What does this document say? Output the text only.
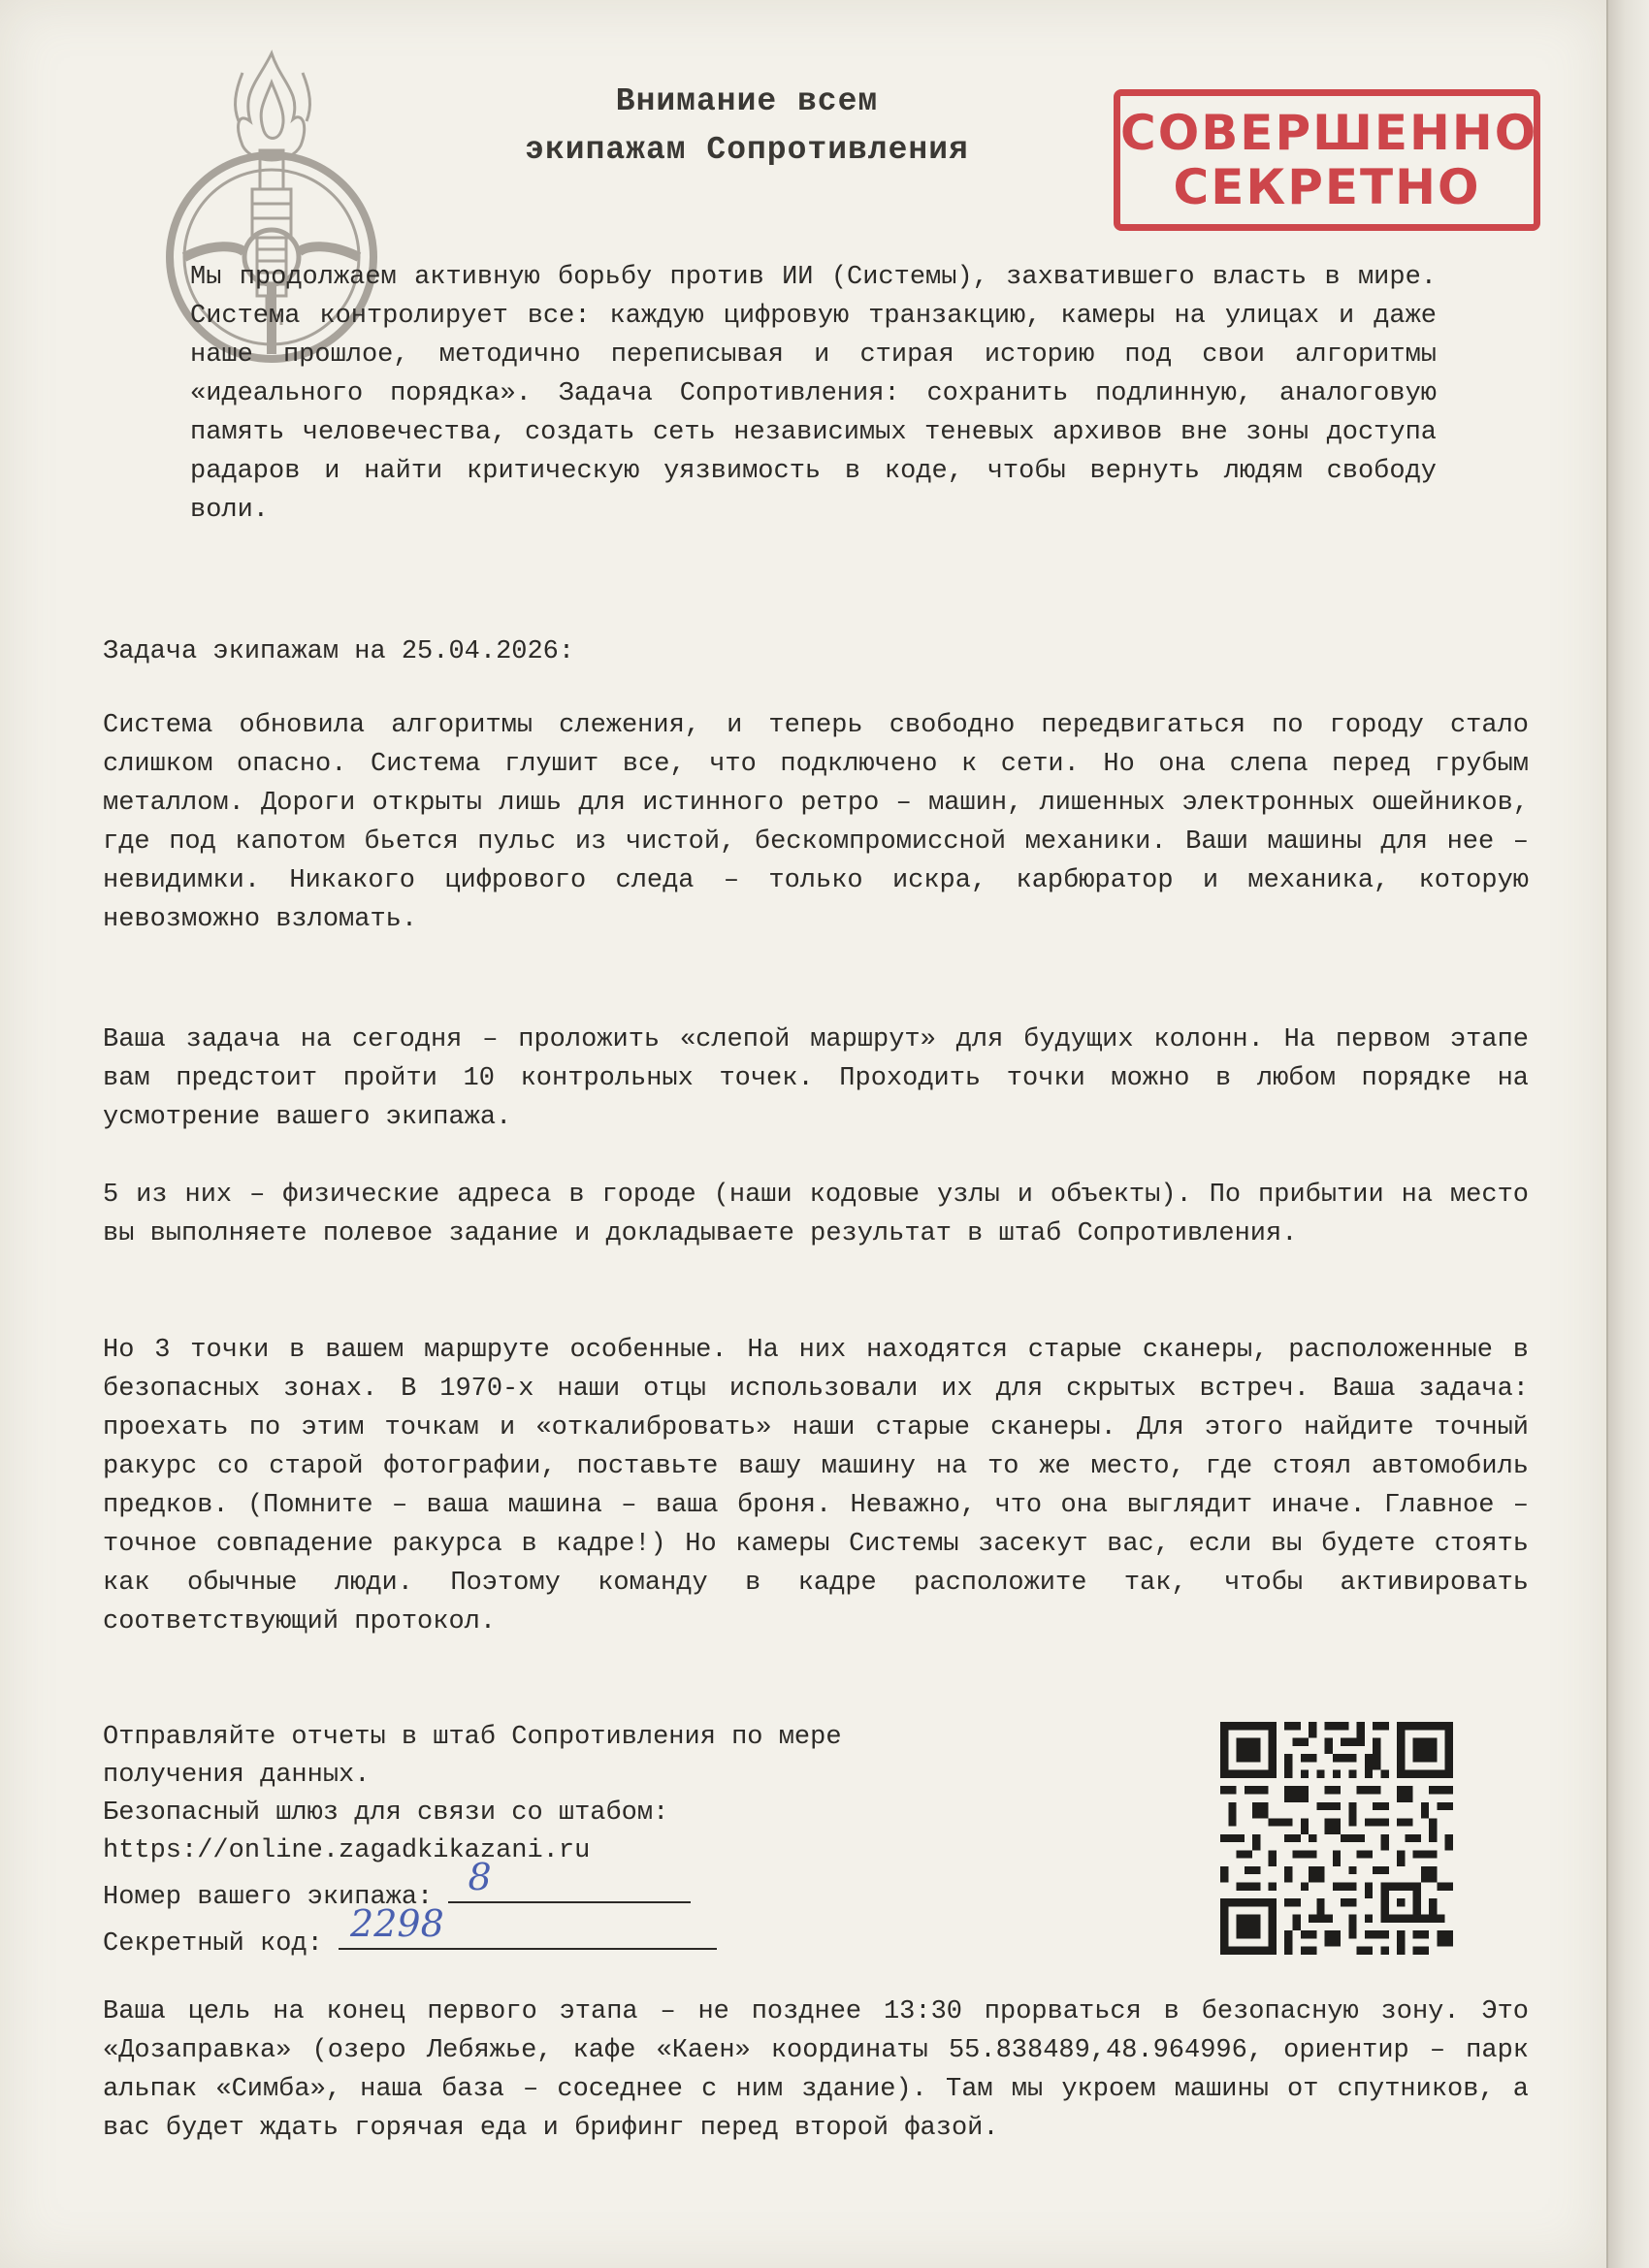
Внимание всем
экипажам Сопротивления	СОВЕРШЕННО
СЕКРЕТНО

Мы продолжаем активную борьбу против ИИ (Системы), захватившего власть в мире. Система контролирует все: каждую цифровую транзакцию, камеры на улицах и даже наше прошлое, методично переписывая и стирая историю под свои алгоритмы «идеального порядка». Задача Сопротивления: сохранить подлинную, аналоговую память человечества, создать сеть независимых теневых архивов вне зоны доступа радаров и найти критическую уязвимость в коде, чтобы вернуть людям свободу воли.

Задача экипажам на 25.04.2026:

Система обновила алгоритмы слежения, и теперь свободно передвигаться по городу стало слишком опасно. Система глушит все, что подключено к сети. Но она слепа перед грубым металлом. Дороги открыты лишь для истинного ретро – машин, лишенных электронных ошейников, где под капотом бьется пульс из чистой, бескомпромиссной механики. Ваши машины для нее – невидимки. Никакого цифрового следа – только искра, карбюратор и механика, которую невозможно взломать.

Ваша задача на сегодня – проложить «слепой маршрут» для будущих колонн. На первом этапе вам предстоит пройти 10 контрольных точек. Проходить точки можно в любом порядке на усмотрение вашего экипажа.

5 из них – физические адреса в городе (наши кодовые узлы и объекты). По прибытии на место вы выполняете полевое задание и докладываете результат в штаб Сопротивления.

Но 3 точки в вашем маршруте особенные. На них находятся старые сканеры, расположенные в безопасных зонах. В 1970-х наши отцы использовали их для скрытых встреч. Ваша задача: проехать по этим точкам и «откалибровать» наши старые сканеры. Для этого найдите точный ракурс со старой фотографии, поставьте вашу машину на то же место, где стоял автомобиль предков. (Помните – ваша машина – ваша броня. Неважно, что она выглядит иначе. Главное – точное совпадение ракурса в кадре!) Но камеры Системы засекут вас, если вы будете стоять как обычные люди. Поэтому команду в кадре расположите так, чтобы активировать соответствующий протокол.

Отправляйте отчеты в штаб Сопротивления по мере
получения данных.
Безопасный шлюз для связи со штабом:
https://online.zagadkikazani.ru
Номер вашего экипажа: 8
Секретный код: 2298

Ваша цель на конец первого этапа – не позднее 13:30 прорваться в безопасную зону. Это «Дозаправка» (озеро Лебяжье, кафе «Каен» координаты 55.838489,48.964996, ориентир – парк альпак «Симба», наша база – соседнее с ним здание). Там мы укроем машины от спутников, а вас будет ждать горячая еда и брифинг перед второй фазой.
